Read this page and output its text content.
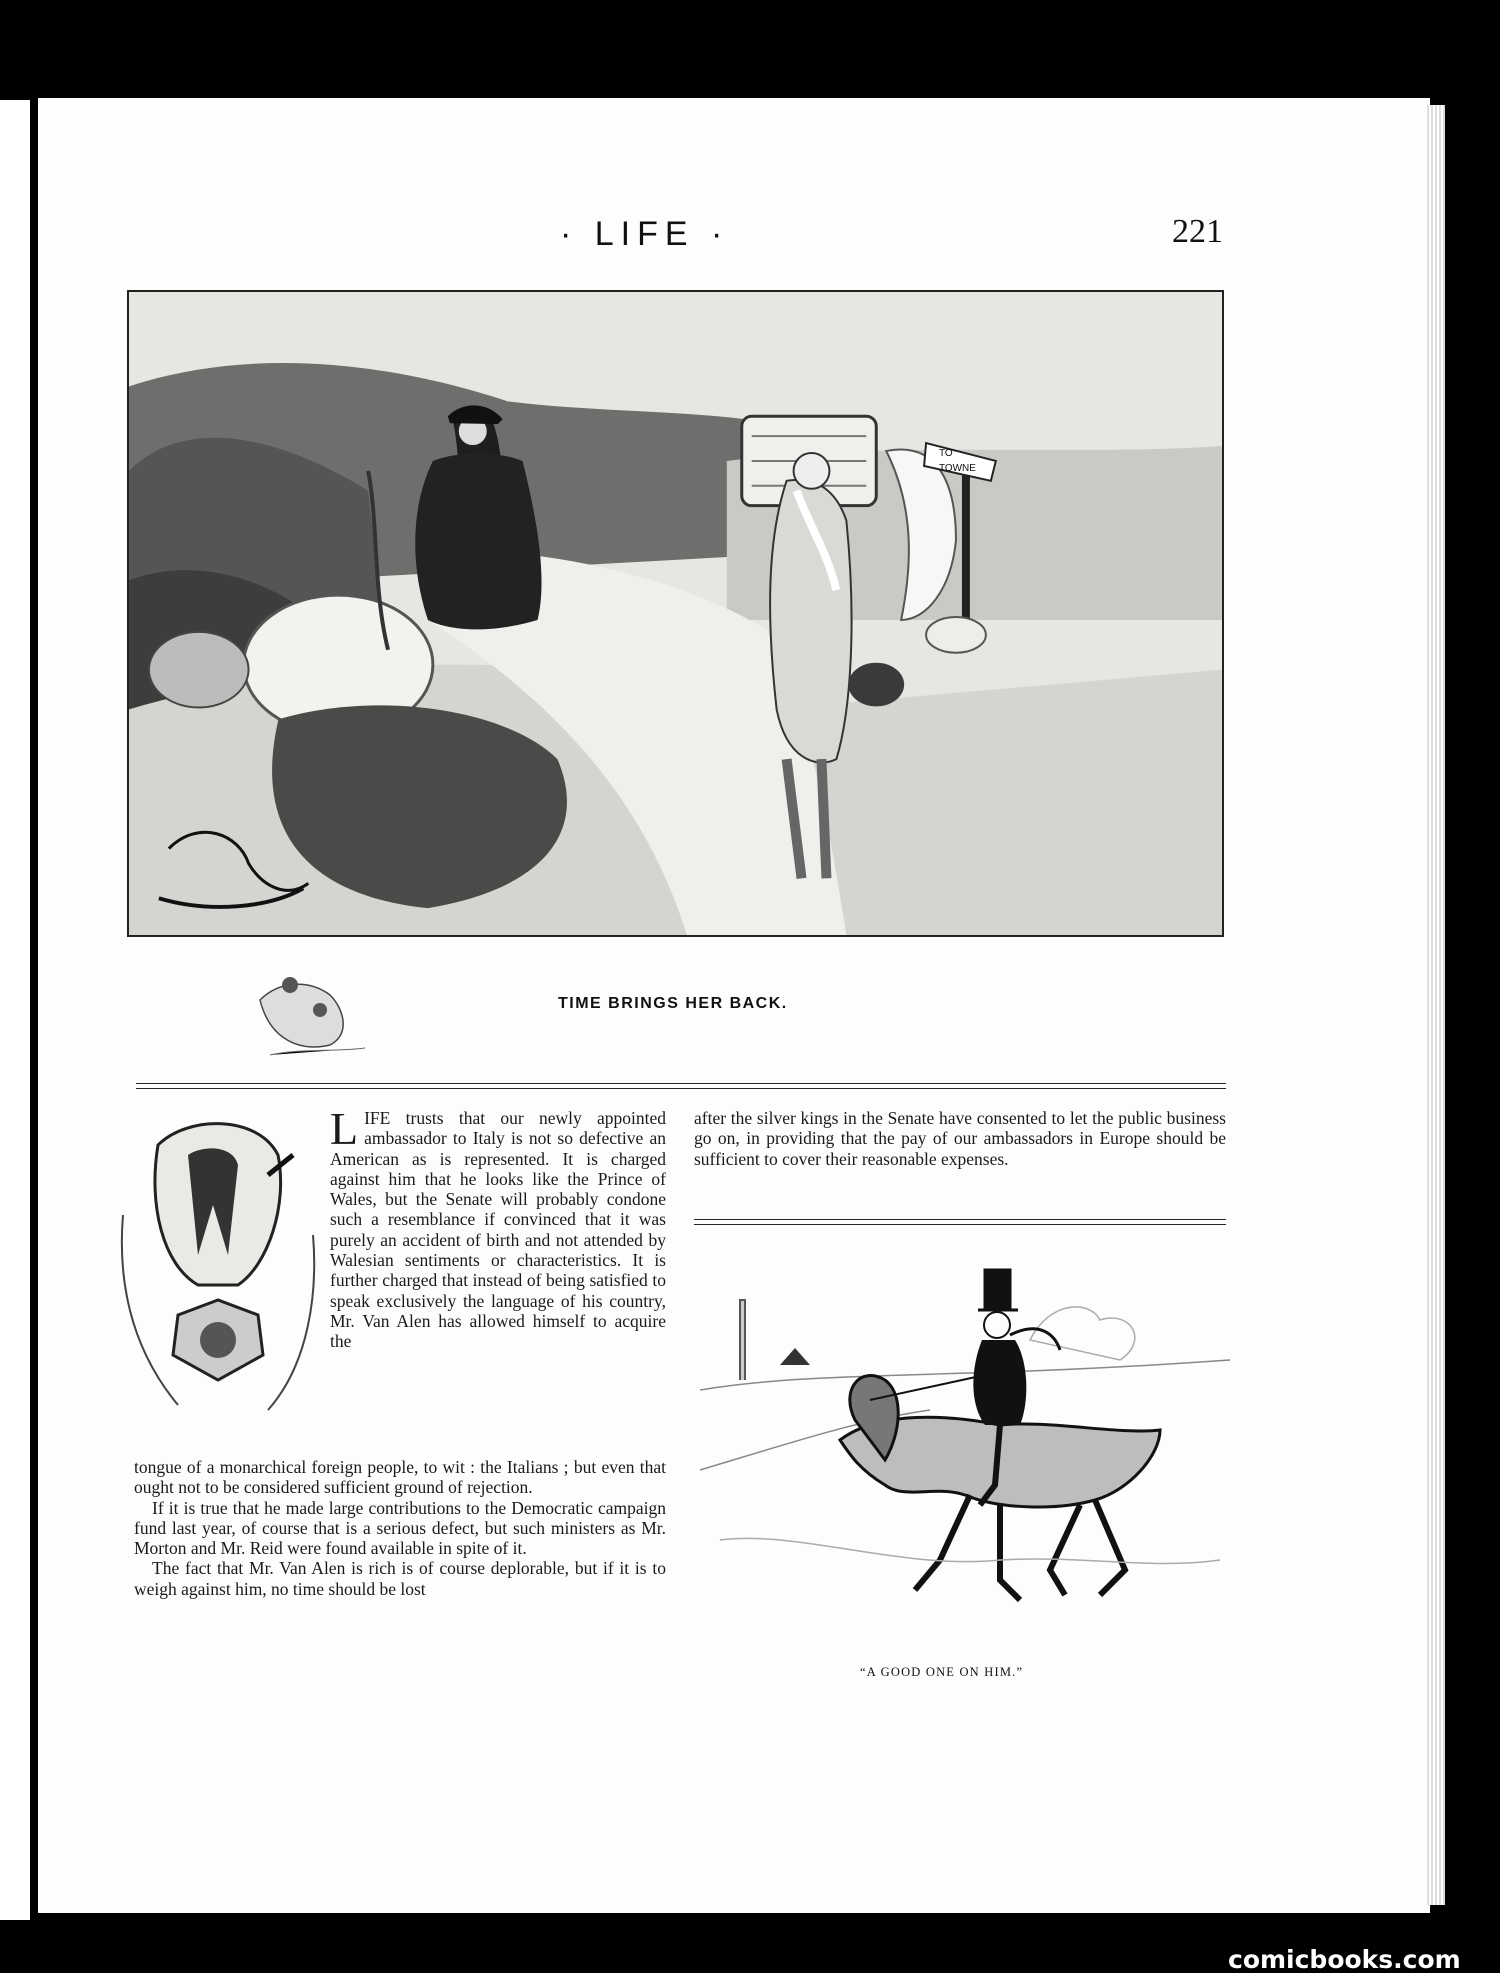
· LIFE ·	221
TO
TOWNE
TIME BRINGS HER BACK.

LIFE trusts that our newly appointed ambassador to Italy is not so defective an American as is represented. It is charged against him that he looks like the Prince of Wales, but the Senate will probably condone such a resemblance if convinced that it was purely an accident of birth and not attended by Walesian sentiments or characteristics. It is further charged that instead of being satisfied to speak exclusively the language of his country, Mr. Van Alen has allowed himself to acquire the

tongue of a monarchical foreign people, to wit : the Italians ; but even that ought not to be considered sufficient ground of rejection.

If it is true that he made large contributions to the Democratic campaign fund last year, of course that is a serious defect, but such ministers as Mr. Morton and Mr. Reid were found available in spite of it.

The fact that Mr. Van Alen is rich is of course deplorable, but if it is to weigh against him, no time should be lost

after the silver kings in the Senate have consented to let the public business go on, in providing that the pay of our ambassadors in Europe should be sufficient to cover their reasonable expenses.

“A GOOD ONE ON HIM.”
comicbooks.com
